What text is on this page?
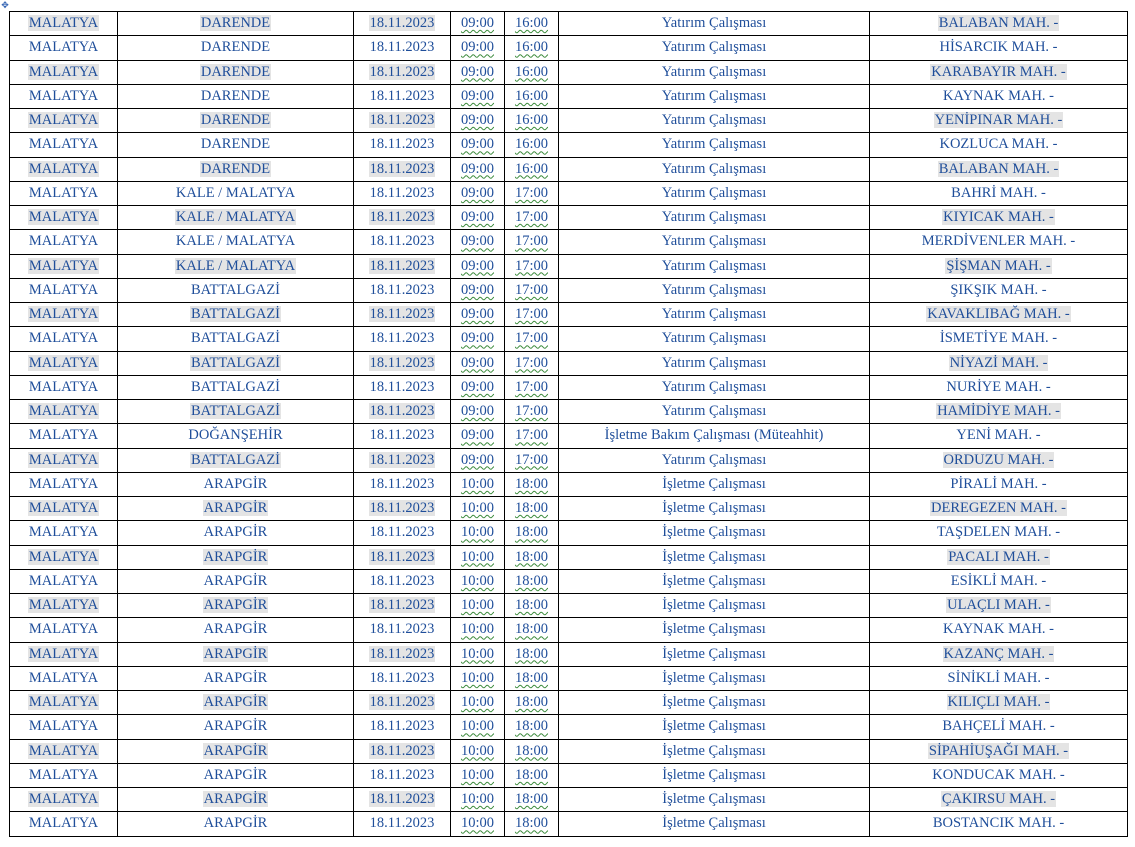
✥
MALATYA	DARENDE	18.11.2023	09:00	16:00	Yatırım Çalışması	BALABAN MAH. -
MALATYA	DARENDE	18.11.2023	09:00	16:00	Yatırım Çalışması	HİSARCIK MAH. -
MALATYA	DARENDE	18.11.2023	09:00	16:00	Yatırım Çalışması	KARABAYIR MAH. -
MALATYA	DARENDE	18.11.2023	09:00	16:00	Yatırım Çalışması	KAYNAK MAH. -
MALATYA	DARENDE	18.11.2023	09:00	16:00	Yatırım Çalışması	YENİPINAR MAH. -
MALATYA	DARENDE	18.11.2023	09:00	16:00	Yatırım Çalışması	KOZLUCA MAH. -
MALATYA	DARENDE	18.11.2023	09:00	16:00	Yatırım Çalışması	BALABAN MAH. -
MALATYA	KALE / MALATYA	18.11.2023	09:00	17:00	Yatırım Çalışması	BAHRİ MAH. -
MALATYA	KALE / MALATYA	18.11.2023	09:00	17:00	Yatırım Çalışması	KIYICAK MAH. -
MALATYA	KALE / MALATYA	18.11.2023	09:00	17:00	Yatırım Çalışması	MERDİVENLER MAH. -
MALATYA	KALE / MALATYA	18.11.2023	09:00	17:00	Yatırım Çalışması	ŞİŞMAN MAH. -
MALATYA	BATTALGAZİ	18.11.2023	09:00	17:00	Yatırım Çalışması	ŞIKŞIK MAH. -
MALATYA	BATTALGAZİ	18.11.2023	09:00	17:00	Yatırım Çalışması	KAVAKLIBAĞ MAH. -
MALATYA	BATTALGAZİ	18.11.2023	09:00	17:00	Yatırım Çalışması	İSMETİYE MAH. -
MALATYA	BATTALGAZİ	18.11.2023	09:00	17:00	Yatırım Çalışması	NİYAZİ MAH. -
MALATYA	BATTALGAZİ	18.11.2023	09:00	17:00	Yatırım Çalışması	NURİYE MAH. -
MALATYA	BATTALGAZİ	18.11.2023	09:00	17:00	Yatırım Çalışması	HAMİDİYE MAH. -
MALATYA	DOĞANŞEHİR	18.11.2023	09:00	17:00	İşletme Bakım Çalışması (Müteahhit)	YENİ MAH. -
MALATYA	BATTALGAZİ	18.11.2023	09:00	17:00	Yatırım Çalışması	ORDUZU MAH. -
MALATYA	ARAPGİR	18.11.2023	10:00	18:00	İşletme Çalışması	PİRALİ MAH. -
MALATYA	ARAPGİR	18.11.2023	10:00	18:00	İşletme Çalışması	DEREGEZEN MAH. -
MALATYA	ARAPGİR	18.11.2023	10:00	18:00	İşletme Çalışması	TAŞDELEN MAH. -
MALATYA	ARAPGİR	18.11.2023	10:00	18:00	İşletme Çalışması	PACALI MAH. -
MALATYA	ARAPGİR	18.11.2023	10:00	18:00	İşletme Çalışması	ESİKLİ MAH. -
MALATYA	ARAPGİR	18.11.2023	10:00	18:00	İşletme Çalışması	ULAÇLI MAH. -
MALATYA	ARAPGİR	18.11.2023	10:00	18:00	İşletme Çalışması	KAYNAK MAH. -
MALATYA	ARAPGİR	18.11.2023	10:00	18:00	İşletme Çalışması	KAZANÇ MAH. -
MALATYA	ARAPGİR	18.11.2023	10:00	18:00	İşletme Çalışması	SİNİKLİ MAH. -
MALATYA	ARAPGİR	18.11.2023	10:00	18:00	İşletme Çalışması	KILIÇLI MAH. -
MALATYA	ARAPGİR	18.11.2023	10:00	18:00	İşletme Çalışması	BAHÇELİ MAH. -
MALATYA	ARAPGİR	18.11.2023	10:00	18:00	İşletme Çalışması	SİPAHİUŞAĞI MAH. -
MALATYA	ARAPGİR	18.11.2023	10:00	18:00	İşletme Çalışması	KONDUCAK MAH. -
MALATYA	ARAPGİR	18.11.2023	10:00	18:00	İşletme Çalışması	ÇAKIRSU MAH. -
MALATYA	ARAPGİR	18.11.2023	10:00	18:00	İşletme Çalışması	BOSTANCIK MAH. -
